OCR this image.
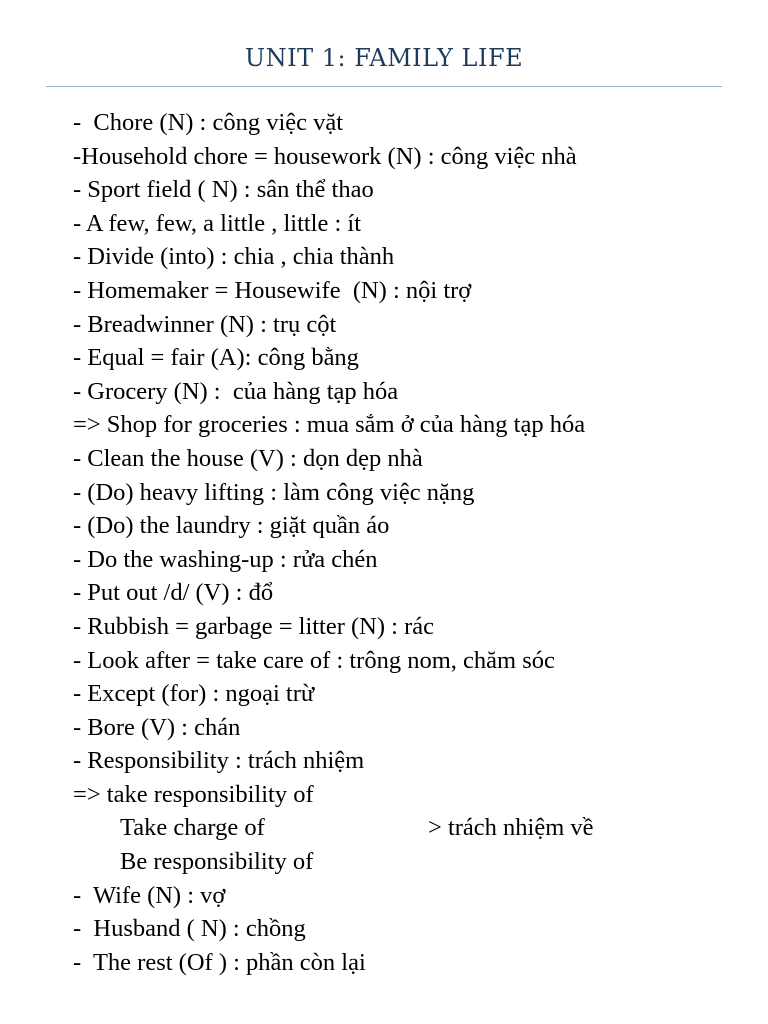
UNIT 1: FAMILY LIFE
-  Chore (N) : công việc vặt
-Household chore = housework (N) : công việc nhà
- Sport field ( N) : sân thể thao
- A few, few, a little , little : ít
- Divide (into) : chia , chia thành
- Homemaker = Housewife  (N) : nội trợ
- Breadwinner (N) : trụ cột
- Equal = fair (A): công bằng
- Grocery (N) :  của hàng tạp hóa
=> Shop for groceries : mua sắm ở của hàng tạp hóa
- Clean the house (V) : dọn dẹp nhà
- (Do) heavy lifting : làm công việc nặng
- (Do) the laundry : giặt quần áo
- Do the washing-up : rửa chén
- Put out /d/ (V) : đổ
- Rubbish = garbage = litter (N) : rác
- Look after = take care of : trông nom, chăm sóc
- Except (for) : ngoại trừ
- Bore (V) : chán
- Responsibility : trách nhiệm
=> take responsibility of
Take charge of	> trách nhiệm về
Be responsibility of
-  Wife (N) : vợ
-  Husband ( N) : chồng
-  The rest (Of ) : phần còn lại
